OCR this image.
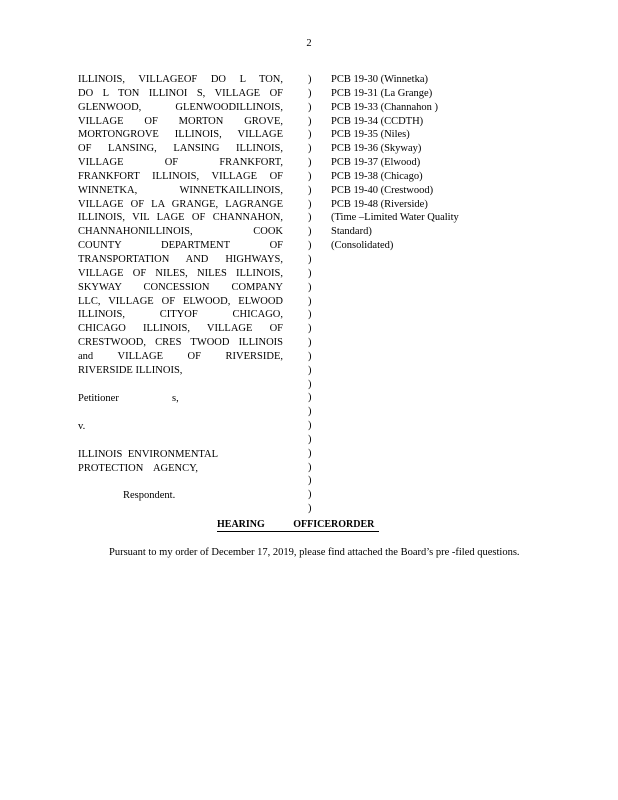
2
ILLINOIS, VILLAGEOF DO L TON,
DO L TON ILLINOI S, VILLAGE OF
GLENWOOD, GLENWOODILLINOIS,
VILLAGE OF MORTON GROVE,
MORTONGROVE ILLINOIS, VILLAGE
OF LANSING, LANSING ILLINOIS,
VILLAGE OF FRANKFORT,
FRANKFORT ILLINOIS, VILLAGE OF
WINNETKA, WINNETKAILLINOIS,
VILLAGE OF LA GRANGE, LAGRANGE
ILLINOIS, VIL LAGE OF CHANNAHON,
CHANNAHONILLINOIS, COOK
COUNTY DEPARTMENT OF
TRANSPORTATION AND HIGHWAYS,
VILLAGE OF NILES, NILES ILLINOIS,
SKYWAY CONCESSION COMPANY
LLC, VILLAGE OF ELWOOD, ELWOOD
ILLINOIS, CITYOF CHICAGO,
CHICAGO ILLINOIS, VILLAGE OF
CRESTWOOD, CRES TWOOD ILLINOIS
and VILLAGE OF RIVERSIDE,
RIVERSIDE ILLINOIS,
Petitioner	s,
v.
ILLINOIS ENVIRONMENTAL
PROTECTION AGENCY,
Respondent.
)
)
)
)
)
)
)
)
)
)
)
)
)
)
)
)
)
)
)
)
)
)
)
)
)
)
)
)
)
)
)
)
PCB 19-30 (Winnetka)
PCB 19-31 (La Grange)
PCB 19-33 (Channahon )
PCB 19-34 (CCDTH)
PCB 19-35 (Niles)
PCB 19-36 (Skyway)
PCB 19-37 (Elwood)
PCB 19-38 (Chicago)
PCB 19-40 (Crestwood)
PCB 19-48 (Riverside)
(Time –Limited Water Quality
Standard)
(Consolidated)
HEARING OFFICERORDER
Pursuant to my order of December 17, 2019, please find attached the Board’s pre -filed questions.
